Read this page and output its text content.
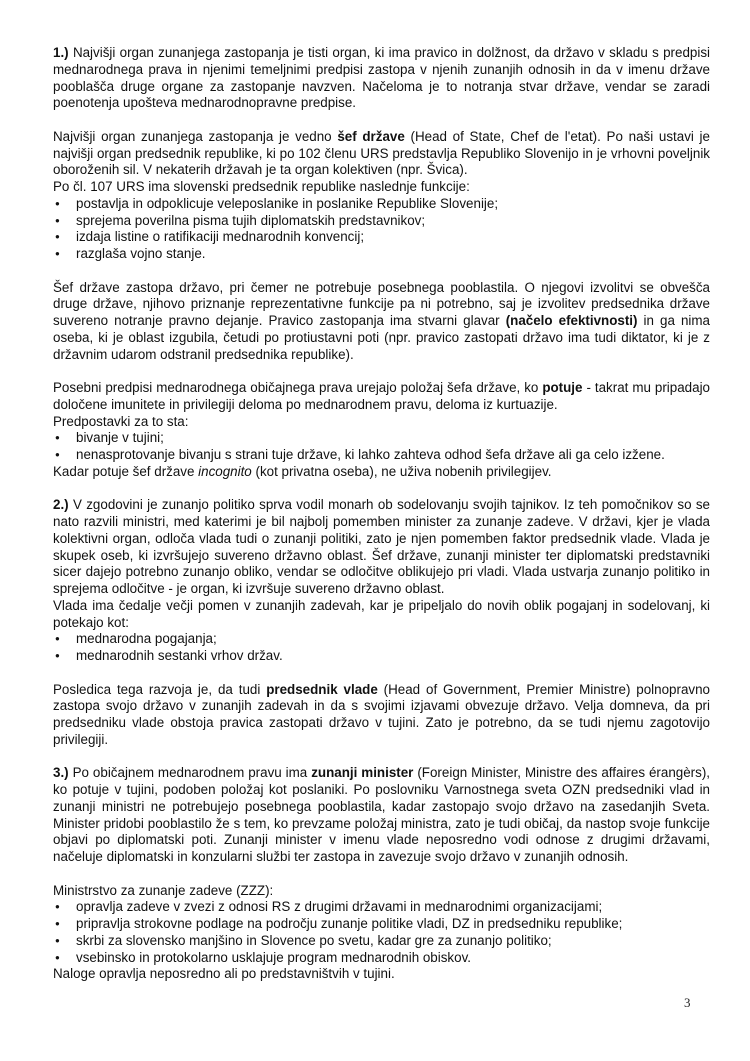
1.) Najvišji organ zunanjega zastopanja je tisti organ, ki ima pravico in dolžnost, da državo v skladu s predpisi mednarodnega prava in njenimi temeljnimi predpisi zastopa v njenih zunanjih odnosih in da v imenu države pooblašča druge organe za zastopanje navzven. Načeloma je to notranja stvar države, vendar se zaradi poenotenja upošteva mednarodnopravne predpise.

Najvišji organ zunanjega zastopanja je vedno šef države (Head of State, Chef de l'etat). Po naši ustavi je najvišji organ predsednik republike, ki po 102 členu URS predstavlja Republiko Slovenijo in je vrhovni poveljnik oboroženih sil. V nekaterih državah je ta organ kolektiven (npr. Švica).

Po čl. 107 URS ima slovenski predsednik republike naslednje funkcije:

● postavlja in odpoklicuje veleposlanike in poslanike Republike Slovenije;
● sprejema poverilna pisma tujih diplomatskih predstavnikov;
● izdaja listine o ratifikaciji mednarodnih konvencij;
● razglaša vojno stanje.

Šef države zastopa državo, pri čemer ne potrebuje posebnega pooblastila. O njegovi izvolitvi se obvešča druge države, njihovo priznanje reprezentativne funkcije pa ni potrebno, saj je izvolitev predsednika države suvereno notranje pravno dejanje. Pravico zastopanja ima stvarni glavar (načelo efektivnosti) in ga nima oseba, ki je oblast izgubila, četudi po protiustavni poti (npr. pravico zastopati državo ima tudi diktator, ki je z državnim udarom odstranil predsednika republike).

Posebni predpisi mednarodnega običajnega prava urejajo položaj šefa države, ko potuje - takrat mu pripadajo določene imunitete in privilegiji deloma po mednarodnem pravu, deloma iz kurtuazije.

Predpostavki za to sta:

● bivanje v tujini;
● nenasprotovanje bivanju s strani tuje države, ki lahko zahteva odhod šefa države ali ga celo izžene.

Kadar potuje šef države incognito (kot privatna oseba), ne uživa nobenih privilegijev.

2.) V zgodovini je zunanjo politiko sprva vodil monarh ob sodelovanju svojih tajnikov. Iz teh pomočnikov so se nato razvili ministri, med katerimi je bil najbolj pomemben minister za zunanje zadeve. V državi, kjer je vlada kolektivni organ, odloča vlada tudi o zunanji politiki, zato je njen pomemben faktor predsednik vlade. Vlada je skupek oseb, ki izvršujejo suvereno državno oblast. Šef države, zunanji minister ter diplomatski predstavniki sicer dajejo potrebno zunanjo obliko, vendar se odločitve oblikujejo pri vladi. Vlada ustvarja zunanjo politiko in sprejema odločitve - je organ, ki izvršuje suvereno državno oblast.

Vlada ima čedalje večji pomen v zunanjih zadevah, kar je pripeljalo do novih oblik pogajanj in sodelovanj, ki potekajo kot:

● mednarodna pogajanja;
● mednarodnih sestanki vrhov držav.

Posledica tega razvoja je, da tudi predsednik vlade (Head of Government, Premier Ministre) polnopravno zastopa svojo državo v zunanjih zadevah in da s svojimi izjavami obvezuje državo. Velja domneva, da pri predsedniku vlade obstoja pravica zastopati državo v tujini. Zato je potrebno, da se tudi njemu zagotovijo privilegiji.

3.) Po običajnem mednarodnem pravu ima zunanji minister (Foreign Minister, Ministre des affaires érangèrs), ko potuje v tujini, podoben položaj kot poslaniki. Po poslovniku Varnostnega sveta OZN predsedniki vlad in zunanji ministri ne potrebujejo posebnega pooblastila, kadar zastopajo svojo državo na zasedanjih Sveta. Minister pridobi pooblastilo že s tem, ko prevzame položaj ministra, zato je tudi običaj, da nastop svoje funkcije objavi po diplomatski poti. Zunanji minister v imenu vlade neposredno vodi odnose z drugimi državami, načeluje diplomatski in konzularni službi ter zastopa in zavezuje svojo državo v zunanjih odnosih.

Ministrstvo za zunanje zadeve (ZZZ):

● opravlja zadeve v zvezi z odnosi RS z drugimi državami in mednarodnimi organizacijami;
● pripravlja strokovne podlage na področju zunanje politike vladi, DZ in predsedniku republike;
● skrbi za slovensko manjšino in Slovence po svetu, kadar gre za zunanjo politiko;
● vsebinsko in protokolarno usklajuje program mednarodnih obiskov.

Naloge opravlja neposredno ali po predstavništvih v tujini.

3
